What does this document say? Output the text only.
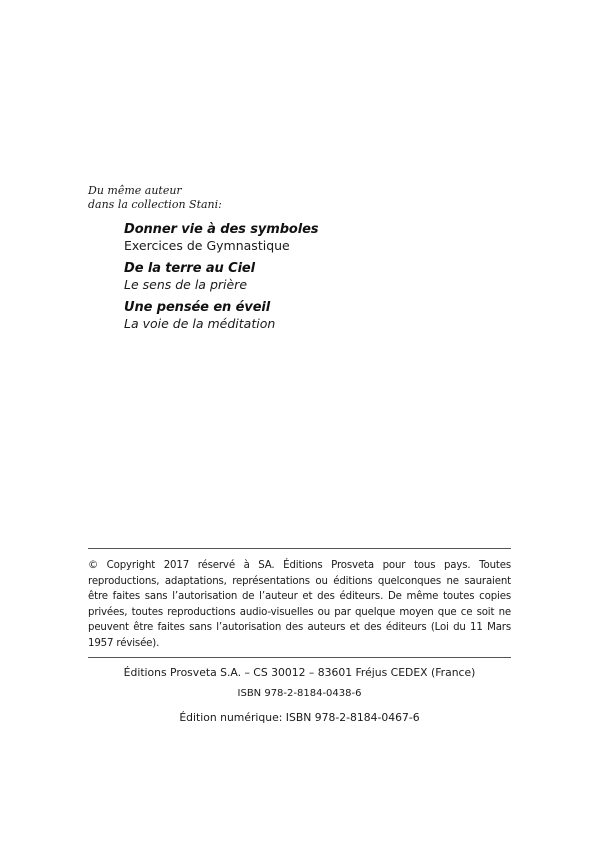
Du même auteur
dans la collection Stani:
Donner vie à des symboles
Exercices de Gymnastique
De la terre au Ciel
Le sens de la prière
Une pensée en éveil
La voie de la méditation
© Copyright 2017 réservé à SA. Éditions Prosveta pour tous pays. Toutes reproductions, adaptations, représentations ou éditions quelconques ne sauraient être faites sans l’autorisation de l’auteur et des éditeurs. De même toutes copies privées, toutes reproductions audio-visuelles ou par quelque moyen que ce soit ne peuvent être faites sans l’autorisation des auteurs et des éditeurs (Loi du 11 Mars 1957 révisée).
Éditions Prosveta S.A. – CS 30012 – 83601 Fréjus CEDEX (France)
ISBN 978-2-8184-0438-6
Édition numérique: ISBN 978-2-8184-0467-6
